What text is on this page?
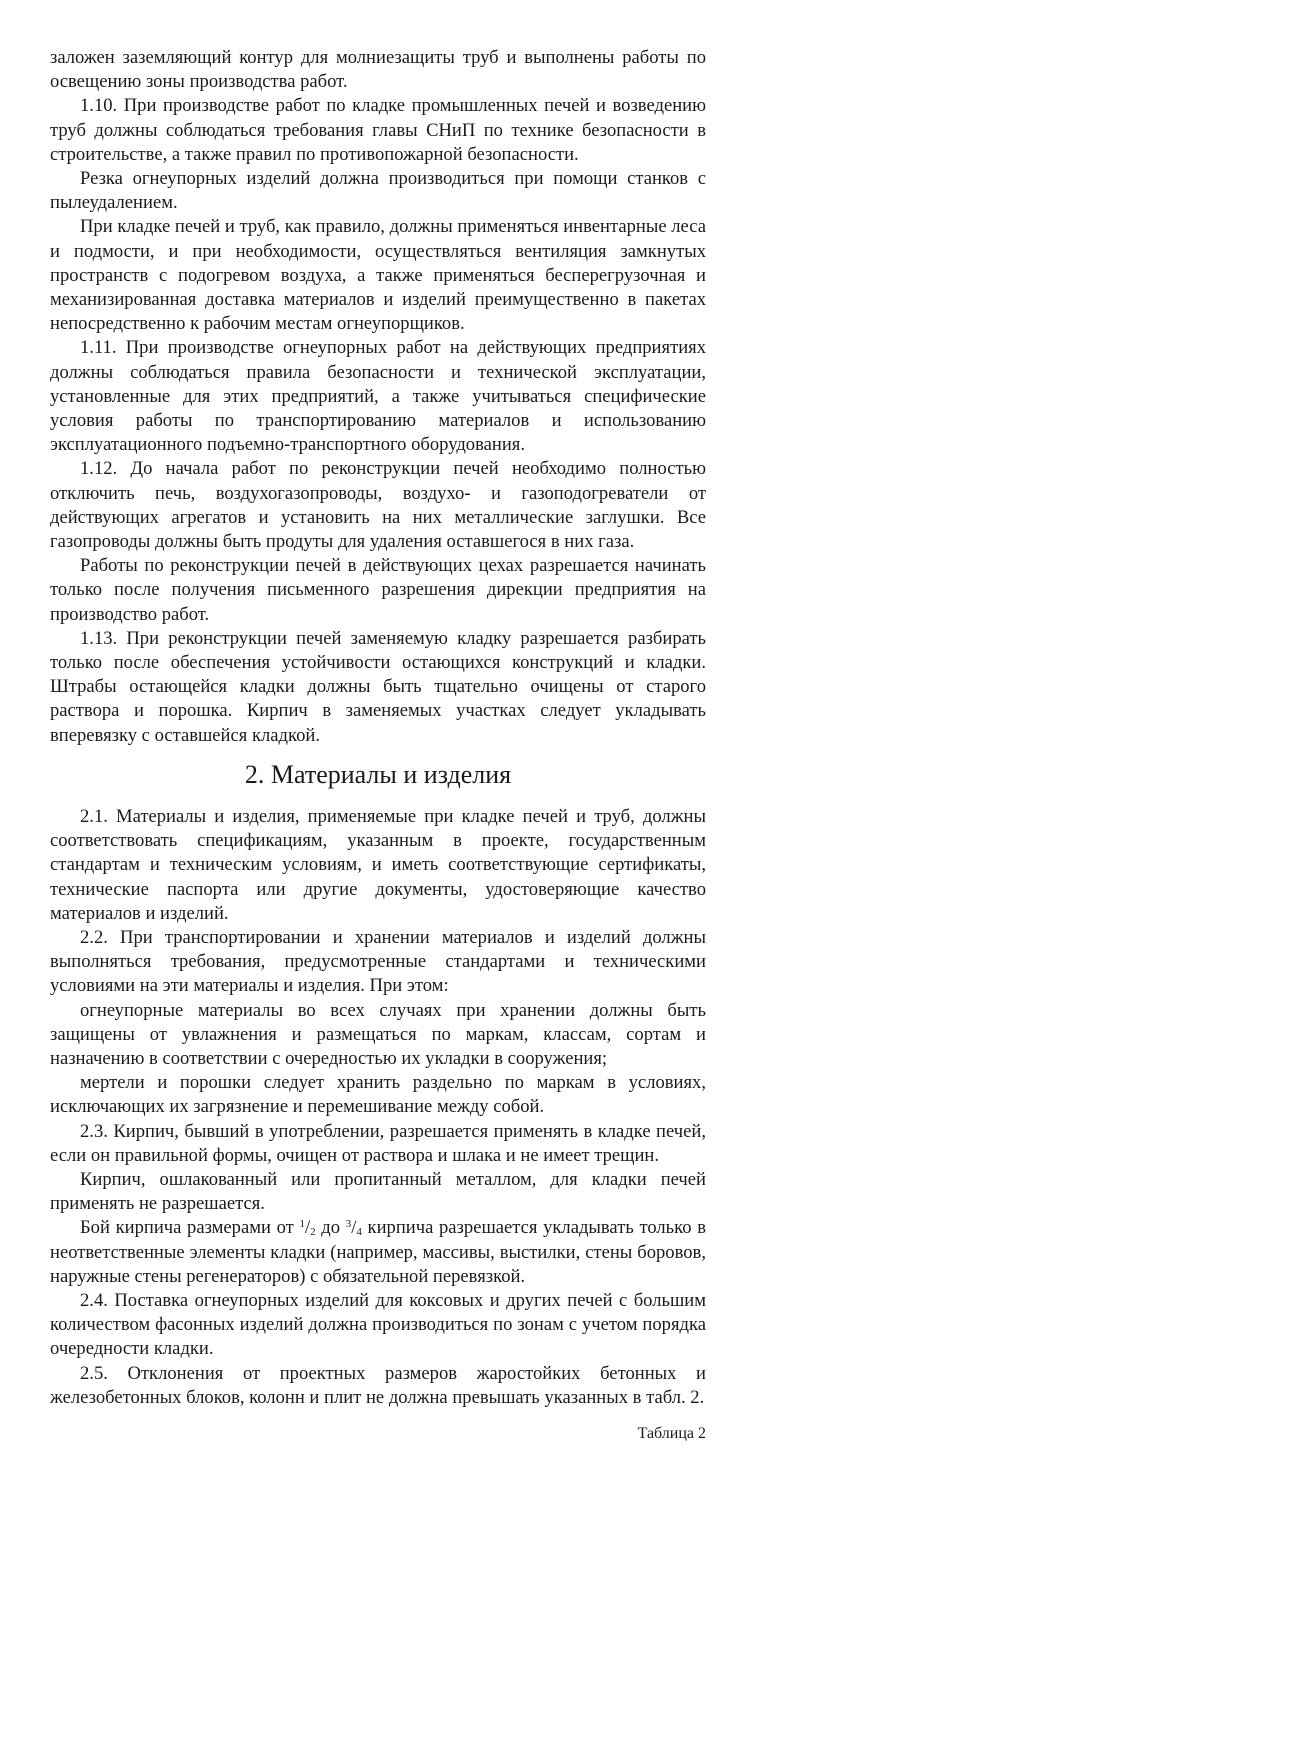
заложен заземляющий контур для молниезащиты труб и выполнены работы по освещению зоны производства работ.

1.10. При производстве работ по кладке промышленных печей и возведению труб должны соблюдаться требования главы СНиП по технике безопасности в строительстве, а также правил по противопожарной безопасности.

Резка огнеупорных изделий должна производиться при помощи станков с пылеудалением.

При кладке печей и труб, как правило, должны применяться инвентарные леса и подмости, и при необходимости, осуществляться вентиляция замкнутых пространств с подогревом воздуха, а также применяться бесперегрузочная и механизированная доставка материалов и изделий преимущественно в пакетах непосредственно к рабочим местам огнеупорщиков.

1.11. При производстве огнеупорных работ на действующих предприятиях должны соблюдаться правила безопасности и технической эксплуатации, установленные для этих предприятий, а также учитываться специфические условия работы по транспортированию материалов и использованию эксплуатационного подъемно-транспортного оборудования.

1.12. До начала работ по реконструкции печей необходимо полностью отключить печь, воздухогазопроводы, воздухо- и газоподогреватели от действующих агрегатов и установить на них металлические заглушки. Все газопроводы должны быть продуты для удаления оставшегося в них газа.

Работы по реконструкции печей в действующих цехах разрешается начинать только после получения письменного разрешения дирекции предприятия на производство работ.

1.13. При реконструкции печей заменяемую кладку разрешается разбирать только после обеспечения устойчивости остающихся конструкций и кладки. Штрабы остающейся кладки должны быть тщательно очищены от старого раствора и порошка. Кирпич в заменяемых участках следует укладывать вперевязку с оставшейся кладкой.

2. Материалы и изделия

2.1. Материалы и изделия, применяемые при кладке печей и труб, должны соответствовать спецификациям, указанным в проекте, государственным стандартам и техническим условиям, и иметь соответствующие сертификаты, технические паспорта или другие документы, удостоверяющие качество материалов и изделий.

2.2. При транспортировании и хранении материалов и изделий должны выполняться требования, предусмотренные стандартами и техническими условиями на эти материалы и изделия. При этом:

огнеупорные материалы во всех случаях при хранении должны быть защищены от увлажнения и размещаться по маркам, классам, сортам и назначению в соответствии с очередностью их укладки в сооружения;

мертели и порошки следует хранить раздельно по маркам в условиях, исключающих их загрязнение и перемешивание между собой.

2.3. Кирпич, бывший в употреблении, разрешается применять в кладке печей, если он правильной формы, очищен от раствора и шлака и не имеет трещин.

Кирпич, ошлакованный или пропитанный металлом, для кладки печей применять не разрешается.

Бой кирпича размерами от $^1/_2$ до $^3/_4$ кирпича разрешается укладывать только в неответственные элементы кладки (например, массивы, выстилки, стены боровов, наружные стены регенераторов) с обязательной перевязкой.

2.4. Поставка огнеупорных изделий для коксовых и других печей с большим количеством фасонных изделий должна производиться по зонам с учетом порядка очередности кладки.

2.5. Отклонения от проектных размеров жаростойких бетонных и железобетонных блоков, колонн и плит не должна превышать указанных в табл. 2.

Таблица 2
